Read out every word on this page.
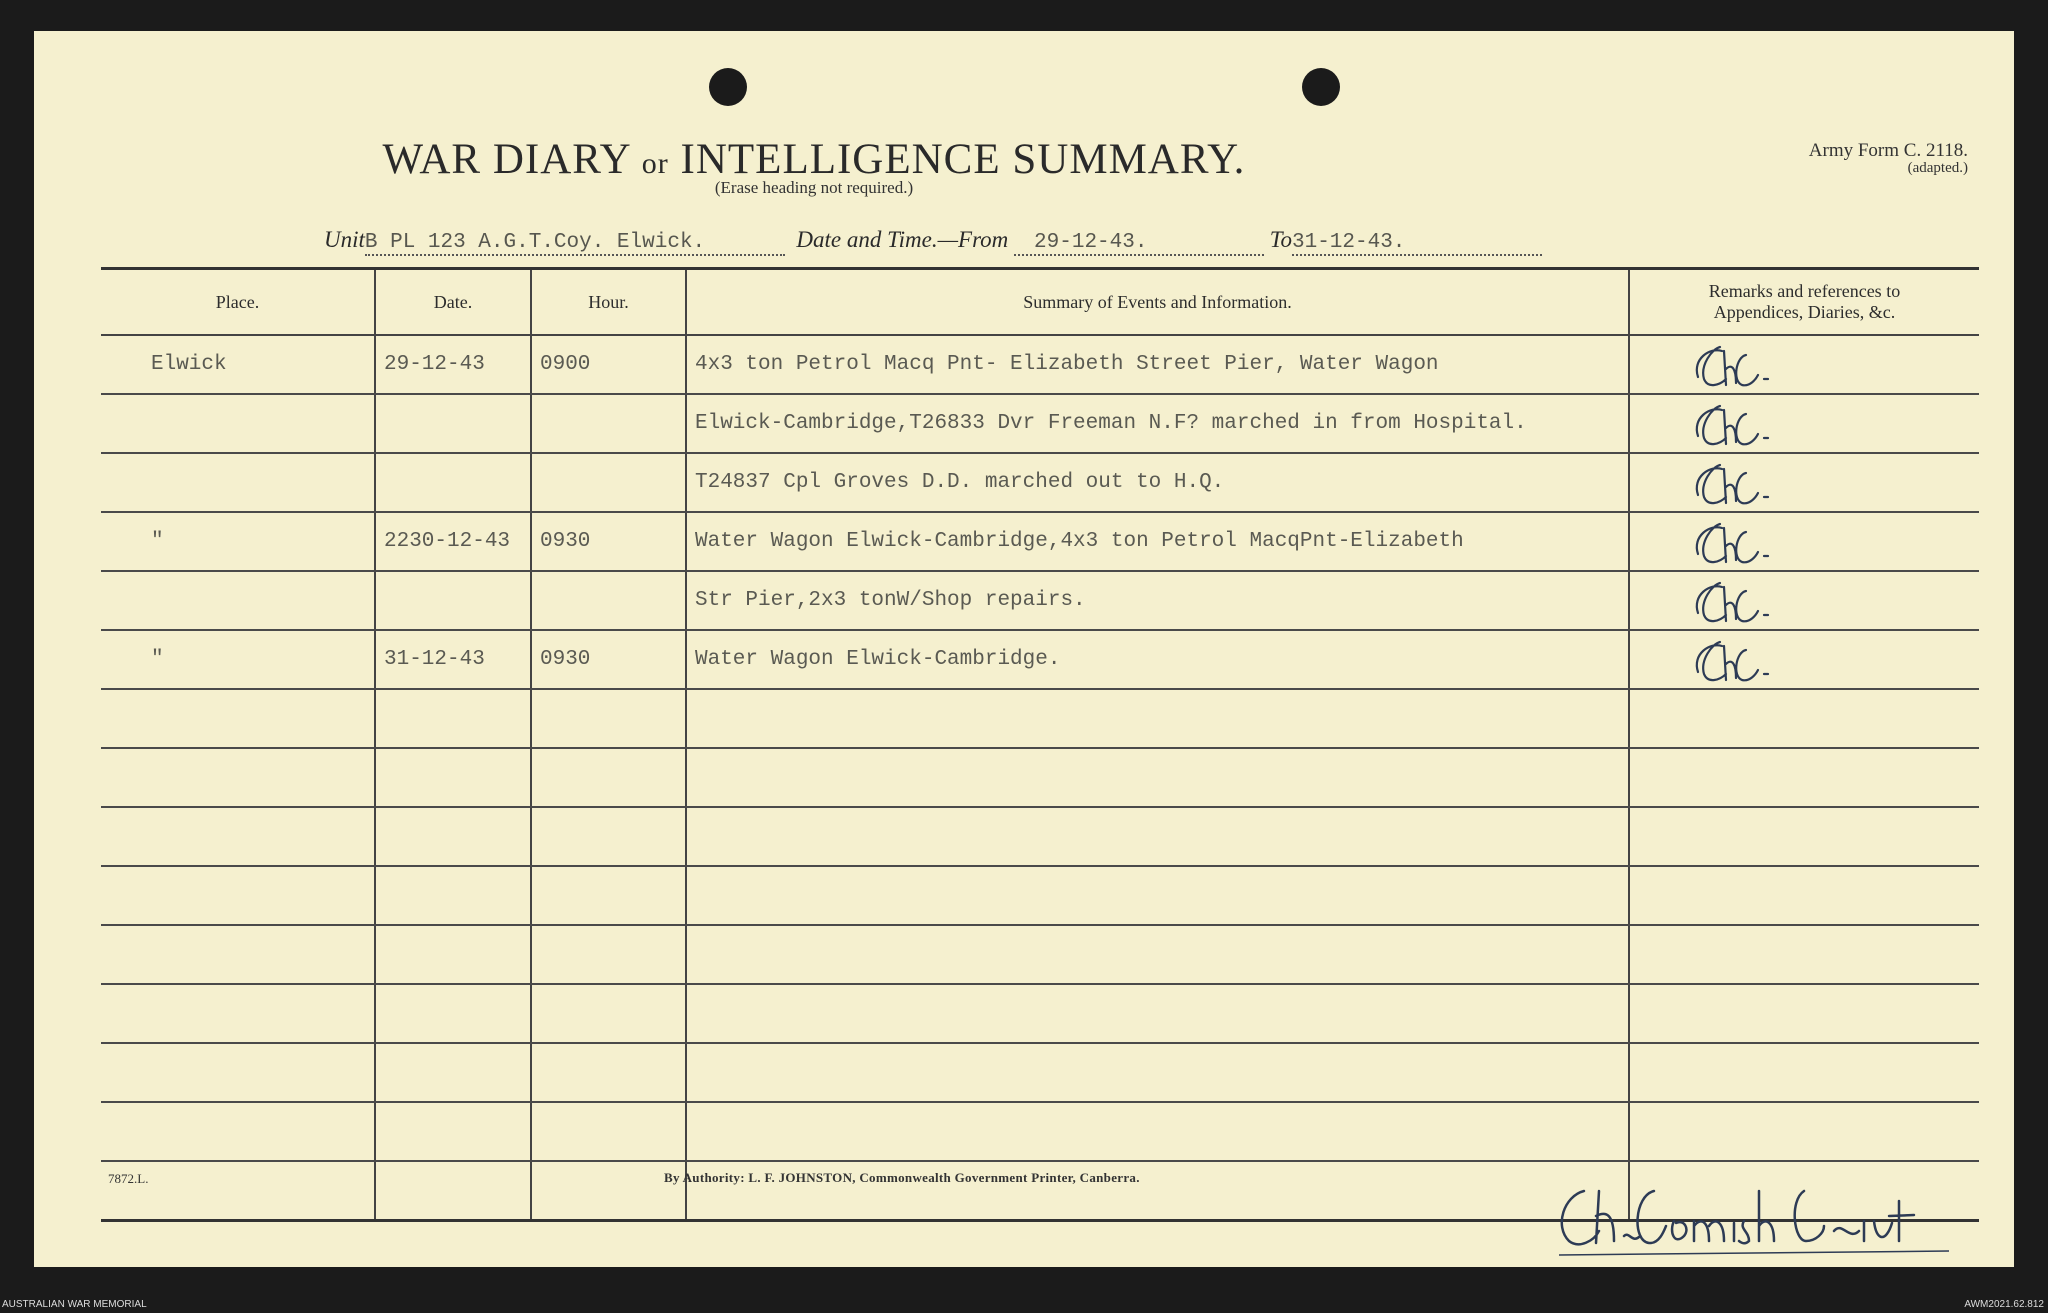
WAR DIARY or INTELLIGENCE SUMMARY.
(Erase heading not required.)
Army Form C. 2118.
(adapted.)
UnitB PL 123 A.G.T.Coy. Elwick.	Date and Time.—From 29-12-43.	To31-12-43.
Place.	Date.	Hour.	Summary of Events and Information.	Remarks and references to Appendices, Diaries, &c.
Elwick	29-12-43	0900	4x3 ton Petrol Macq Pnt- Elizabeth Street Pier, Water Wagon	

			Elwick-Cambridge,T26833 Dvr Freeman N.F? marched in from Hospital.	

			T24837 Cpl Groves D.D. marched out to H.Q.	

"	2230-12-43	0930	Water Wagon Elwick-Cambridge,4x3 ton Petrol MacqPnt-Elizabeth	

			Str Pier,2x3 tonW/Shop repairs.	

"	31-12-43	0930	Water Wagon Elwick-Cambridge.	

7872.L.	By Authority: L. F. JOHNSTON, Commonwealth Government Printer, Canberra.
AUSTRALIAN WAR MEMORIAL	AWM2021.62.812
